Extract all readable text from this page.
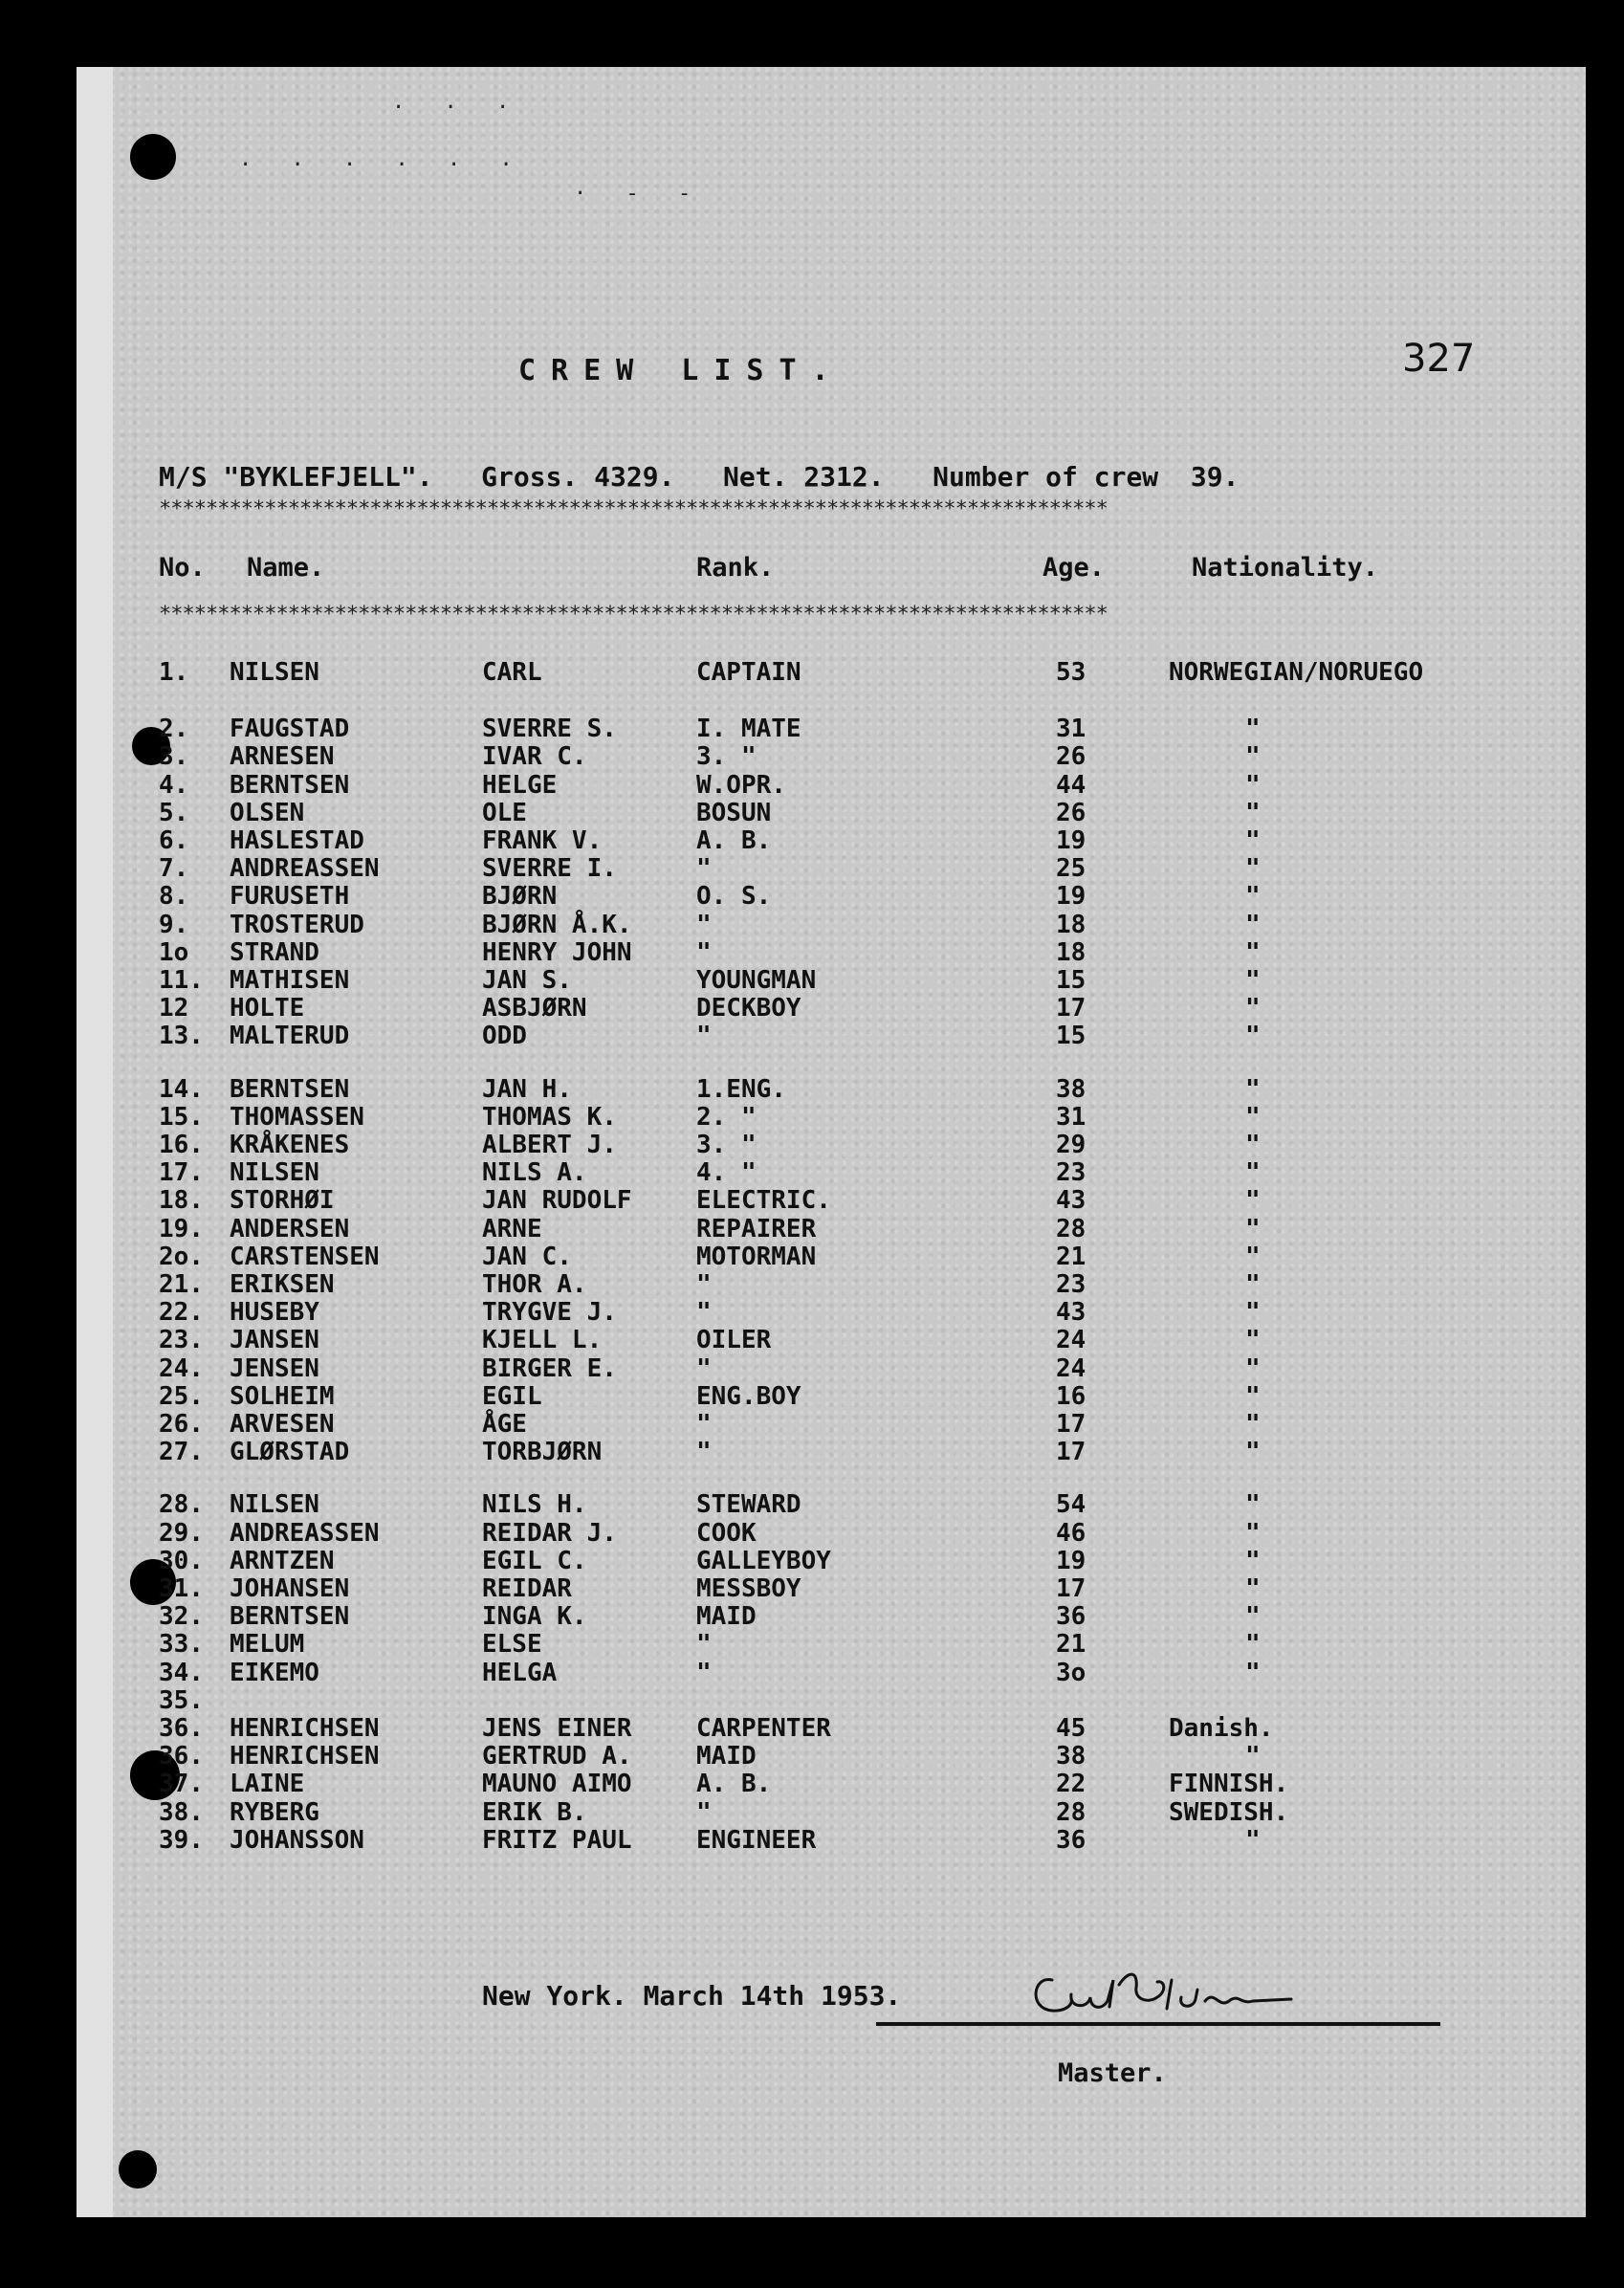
· · ·
· · · · · ·
· - -
CREW LIST.	327
M/S "BYKLEFJELL".   Gross. 4329.   Net. 2312.   Number of crew  39.
*********************************************************************************
No. Name.	Rank.	Age.	Nationality.
*********************************************************************************
1. NILSEN	CARL	CAPTAIN	53	NORWEGIAN/NORUEGO
2. FAUGSTAD	SVERRE S.	I. MATE	31	"
3. ARNESEN	IVAR C.	3. "	26	"
4. BERNTSEN	HELGE	W.OPR.	44	"
5. OLSEN	OLE	BOSUN	26	"
6. HASLESTAD	FRANK V.	A. B.	19	"
7. ANDREASSEN	SVERRE I.	"	25	"
8. FURUSETH	BJØRN	O. S.	19	"
9. TROSTERUD	BJØRN Å.K.	"	18	"
1o STRAND	HENRY JOHN	"	18	"
11. MATHISEN	JAN S.	YOUNGMAN	15	"
12 HOLTE	ASBJØRN	DECKBOY	17	"
13. MALTERUD	ODD	"	15	"
14. BERNTSEN	JAN H.	1.ENG.	38	"
15. THOMASSEN	THOMAS K.	2. "	31	"
16. KRÅKENES	ALBERT J.	3. "	29	"
17. NILSEN	NILS A.	4. "	23	"
18. STORHØI	JAN RUDOLF	ELECTRIC.	43	"
19. ANDERSEN	ARNE	REPAIRER	28	"
2o. CARSTENSEN	JAN C.	MOTORMAN	21	"
21. ERIKSEN	THOR A.	"	23	"
22. HUSEBY	TRYGVE J.	"	43	"
23. JANSEN	KJELL L.	OILER	24	"
24. JENSEN	BIRGER E.	"	24	"
25. SOLHEIM	EGIL	ENG.BOY	16	"
26. ARVESEN	ÅGE	"	17	"
27. GLØRSTAD	TORBJØRN	"	17	"
28. NILSEN	NILS H.	STEWARD	54	"
29. ANDREASSEN	REIDAR J.	COOK	46	"
30. ARNTZEN	EGIL C.	GALLEYBOY	19	"
31. JOHANSEN	REIDAR	MESSBOY	17	"
32. BERNTSEN	INGA K.	MAID	36	"
33. MELUM	ELSE	"	21	"
34. EIKEMO	HELGA	"	3o	"
35.
36. HENRICHSEN	JENS EINER	CARPENTER	45	Danish.
36. HENRICHSEN	GERTRUD A.	MAID	38	"
37. LAINE	MAUNO AIMO	A. B.	22	FINNISH.
38. RYBERG	ERIK B.	"	28	SWEDISH.
39. JOHANSSON	FRITZ PAUL	ENGINEER	36	"
New York. March 14th 1953.
Master.
